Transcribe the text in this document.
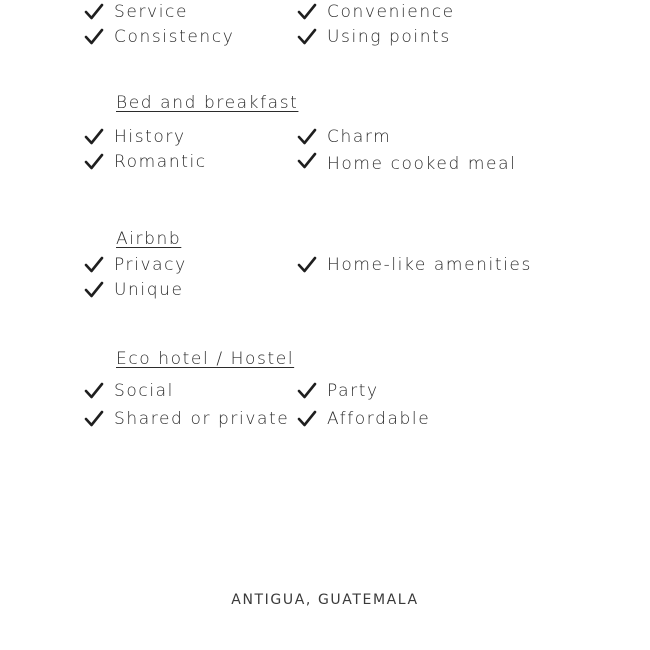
Service
Consistency
Convenience
Using points
Bed and breakfast
History
Romantic
Charm
Home cooked meal
Airbnb
Privacy
Unique
Home-like amenities
Eco hotel / Hostel
Social
Shared or private
Party
Affordable
ANTIGUA, GUATEMALA
